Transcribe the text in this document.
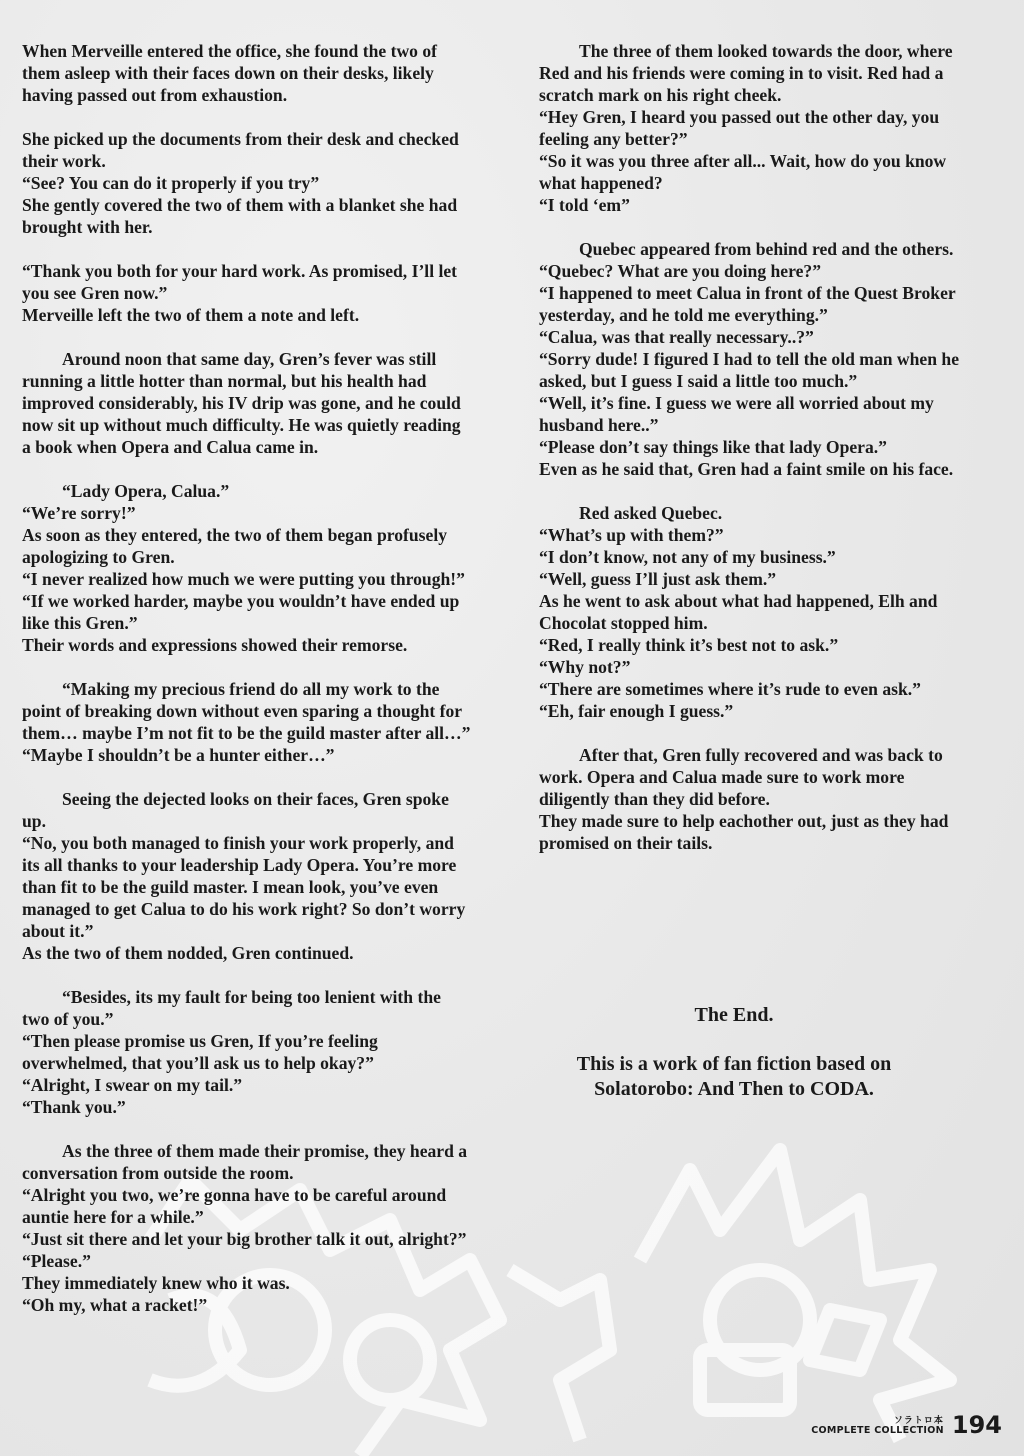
When Merveille entered the office, she found the two of them asleep with their faces down on their desks, likely having passed out from exhaustion.

She picked up the documents from their desk and checked their work.

“See? You can do it properly if you try”

She gently covered the two of them with a blanket she had brought with her.

“Thank you both for your hard work. As promised, I’ll let you see Gren now.”

Merveille left the two of them a note and left.

Around noon that same day, Gren’s fever was still running a little hotter than normal, but his health had improved considerably, his IV drip was gone, and he could now sit up without much difficulty. He was quietly reading a book when Opera and Calua came in.

“Lady Opera, Calua.”

“We’re sorry!”

As soon as they entered, the two of them began profusely apologizing to Gren.

“I never realized how much we were putting you through!”

“If we worked harder, maybe you wouldn’t have ended up like this Gren.”

Their words and expressions showed their remorse.

“Making my precious friend do all my work to the point of breaking down without even sparing a thought for them… maybe I’m not fit to be the guild master after all…”

“Maybe I shouldn’t be a hunter either…”

Seeing the dejected looks on their faces, Gren spoke up.

“No, you both managed to finish your work properly, and its all thanks to your leadership Lady Opera. You’re more than fit to be the guild master. I mean look, you’ve even managed to get Calua to do his work right? So don’t worry about it.”

As the two of them nodded, Gren continued.

“Besides, its my fault for being too lenient with the two of you.”

“Then please promise us Gren, If you’re feeling overwhelmed, that you’ll ask us to help okay?”

“Alright, I swear on my tail.”

“Thank you.”

As the three of them made their promise, they heard a conversation from outside the room.

“Alright you two, we’re gonna have to be careful around auntie here for a while.”

“Just sit there and let your big brother talk it out, alright?”

“Please.”

They immediately knew who it was.

“Oh my, what a racket!”

The three of them looked towards the door, where Red and his friends were coming in to visit. Red had a scratch mark on his right cheek.

“Hey Gren, I heard you passed out the other day, you feeling any better?”

“So it was you three after all... Wait, how do you know what happened?

“I told ‘em”

Quebec appeared from behind red and the others.

“Quebec? What are you doing here?”

“I happened to meet Calua in front of the Quest Broker yesterday, and he told me everything.”

“Calua, was that really necessary..?”

“Sorry dude! I figured I had to tell the old man when he asked, but I guess I said a little too much.”

“Well, it’s fine. I guess we were all worried about my husband here..”

“Please don’t say things like that lady Opera.”

Even as he said that, Gren had a faint smile on his face.

Red asked Quebec.

“What’s up with them?”

“I don’t know, not any of my business.”

“Well, guess I’ll just ask them.”

As he went to ask about what had happened, Elh and Chocolat stopped him.

“Red, I really think it’s best not to ask.”

“Why not?”

“There are sometimes where it’s rude to even ask.”

“Eh, fair enough I guess.”

After that, Gren fully recovered and was back to work. Opera and Calua made sure to work more diligently than they did before.

They made sure to help eachother out, just as they had promised on their tails.

The End.

This is a work of fan fiction based on

Solatorobo: And Then to CODA.

ソラトロ本
COMPLETE COLLECTION 194
